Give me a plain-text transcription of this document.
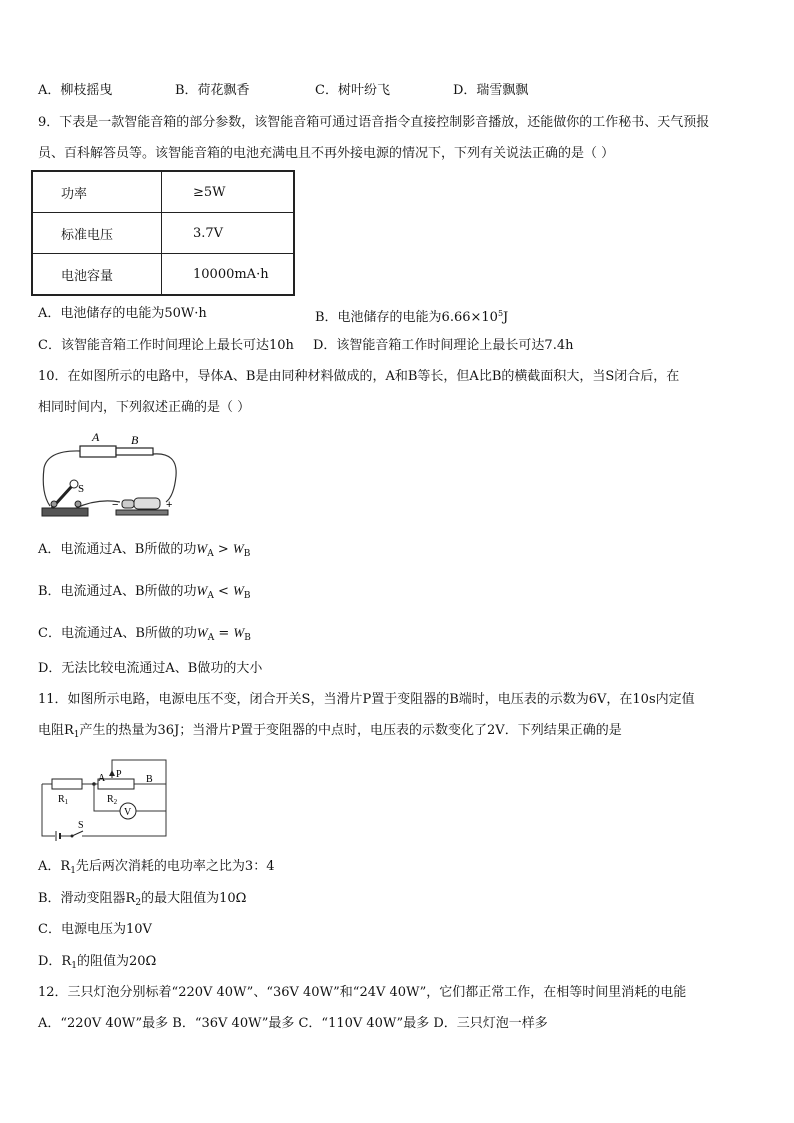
A．柳枝摇曳	B．荷花飘香	C．树叶纷飞	D．瑞雪飘飘
9．下表是一款智能音箱的部分参数，该智能音箱可通过语音指令直接控制影音播放，还能做你的工作秘书、天气预报
员、百科解答员等。该智能音箱的电池充满电且不再外接电源的情况下，下列有关说法正确的是（ ）
功率	≥5W
标准电压	3.7V
电池容量	10000mA·h
A．电池储存的电能为50W·h	B．电池储存的电能为$6.66\times 10^5J$
C．该智能音箱工作时间理论上最长可达10h D．该智能音箱工作时间理论上最长可达7.4h
10．在如图所示的电路中，导体A、B是由同种材料做成的，A和B等长，但A比B的横截面积大，当S闭合后，在
相同时间内，下列叙述正确的是（ ）
A	B
S
−	+
A．电流通过A、B所做的功$W_A > W_B$
B．电流通过A、B所做的功$W_A < W_B$
C．电流通过A、B所做的功$W_A = W_B$
D．无法比较电流通过A、B做功的大小
11．如图所示电路，电源电压不变，闭合开关S，当滑片P置于变阻器的B端时，电压表的示数为6V，在10s内定值
电阻$R_1$产生的热量为36J；当滑片P置于变阻器的中点时，电压表的示数变化了2V．下列结果正确的是
$R_1$
A P B
$R_2$
V
S
A．$R_1$先后两次消耗的电功率之比为3：4
B．滑动变阻器$R_2$的最大阻值为10Ω
C．电源电压为10V
D．$R_1$的阻值为20Ω
12．三只灯泡分别标着“220V 40W”、“36V 40W”和“24V 40W”，它们都正常工作，在相等时间里消耗的电能
A．“220V 40W”最多 B．“36V 40W”最多 C．“110V 40W”最多 D．三只灯泡一样多
